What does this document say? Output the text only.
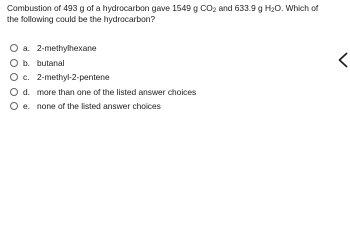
Combustion of 493 g of a hydrocarbon gave 1549 g $CO_2$ and 633.9 g $H_2O$. Which of the following could be the hydrocarbon?

a. 2-methylhexane
b. butanal
c. 2-methyl-2-pentene
d. more than one of the listed answer choices
e. none of the listed answer choices
